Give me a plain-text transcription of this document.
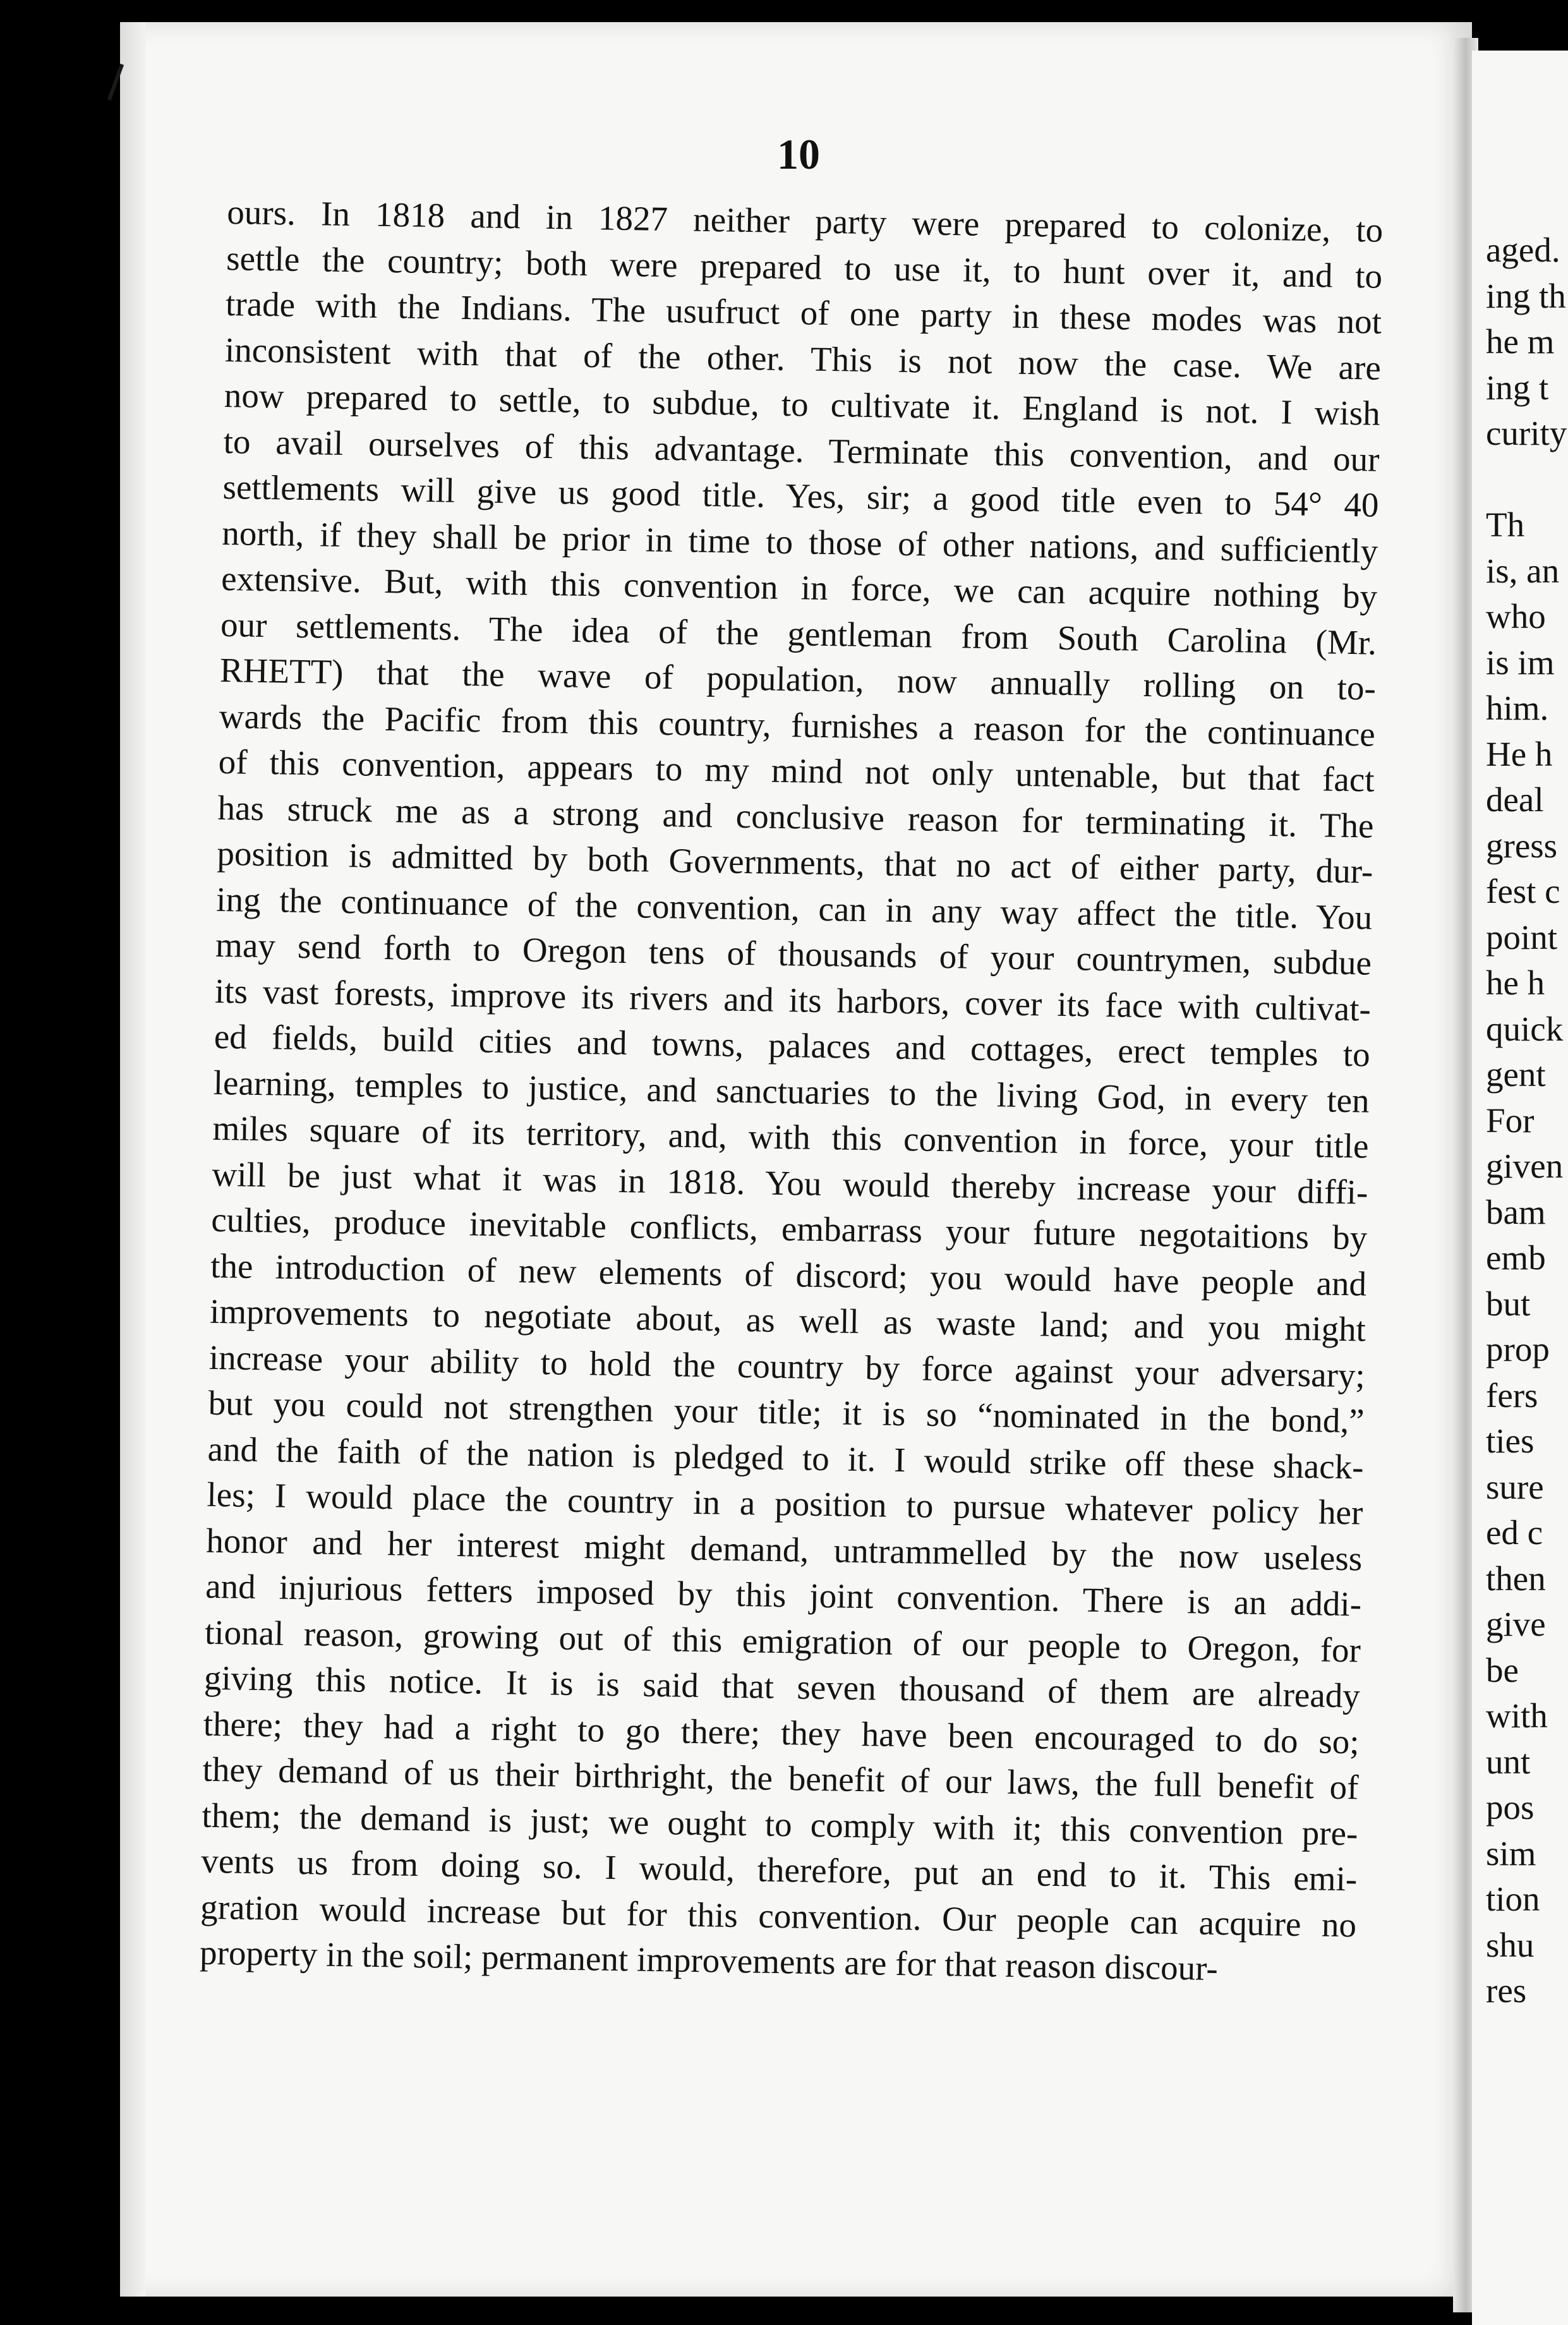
10
ours. In 1818 and in 1827 neither party were prepared to colonize, to
settle the country; both were prepared to use it, to hunt over it, and to
trade with the Indians. The usufruct of one party in these modes was not
inconsistent with that of the other. This is not now the case. We are
now prepared to settle, to subdue, to cultivate it. England is not. I wish
to avail ourselves of this advantage. Terminate this convention, and our
settlements will give us good title. Yes, sir; a good title even to 54° 40
north, if they shall be prior in time to those of other nations, and sufficiently
extensive. But, with this convention in force, we can acquire nothing by
our settlements. The idea of the gentleman from South Carolina (Mr.
RHETT) that the wave of population, now annually rolling on to-
wards the Pacific from this country, furnishes a reason for the continuance
of this convention, appears to my mind not only untenable, but that fact
has struck me as a strong and conclusive reason for terminating it. The
position is admitted by both Governments, that no act of either party, dur-
ing the continuance of the convention, can in any way affect the title. You
may send forth to Oregon tens of thousands of your countrymen, subdue
its vast forests, improve its rivers and its harbors, cover its face with cultivat-
ed fields, build cities and towns, palaces and cottages, erect temples to
learning, temples to justice, and sanctuaries to the living God, in every ten
miles square of its territory, and, with this convention in force, your title
will be just what it was in 1818. You would thereby increase your diffi-
culties, produce inevitable conflicts, embarrass your future negotaitions by
the introduction of new elements of discord; you would have people and
improvements to negotiate about, as well as waste land; and you might
increase your ability to hold the country by force against your adversary;
but you could not strengthen your title; it is so “nominated in the bond,”
and the faith of the nation is pledged to it. I would strike off these shack-
les; I would place the country in a position to pursue whatever policy her
honor and her interest might demand, untrammelled by the now useless
and injurious fetters imposed by this joint convention. There is an addi-
tional reason, growing out of this emigration of our people to Oregon, for
giving this notice. It is is said that seven thousand of them are already
there; they had a right to go there; they have been encouraged to do so;
they demand of us their birthright, the benefit of our laws, the full benefit of
them; the demand is just; we ought to comply with it; this convention pre-
vents us from doing so. I would, therefore, put an end to it. This emi-
gration would increase but for this convention. Our people can acquire no
property in the soil; permanent improvements are for that reason discour-
aged.
ing th
he m
ing t
curity
Th
is, an
who
is im
him.
He h
deal
gress
fest c
point
he h
quick
gent
For
given
bam
emb
but
prop
fers
ties
sure
ed c
then
give
be
with
unt
pos
sim
tion
shu
res
